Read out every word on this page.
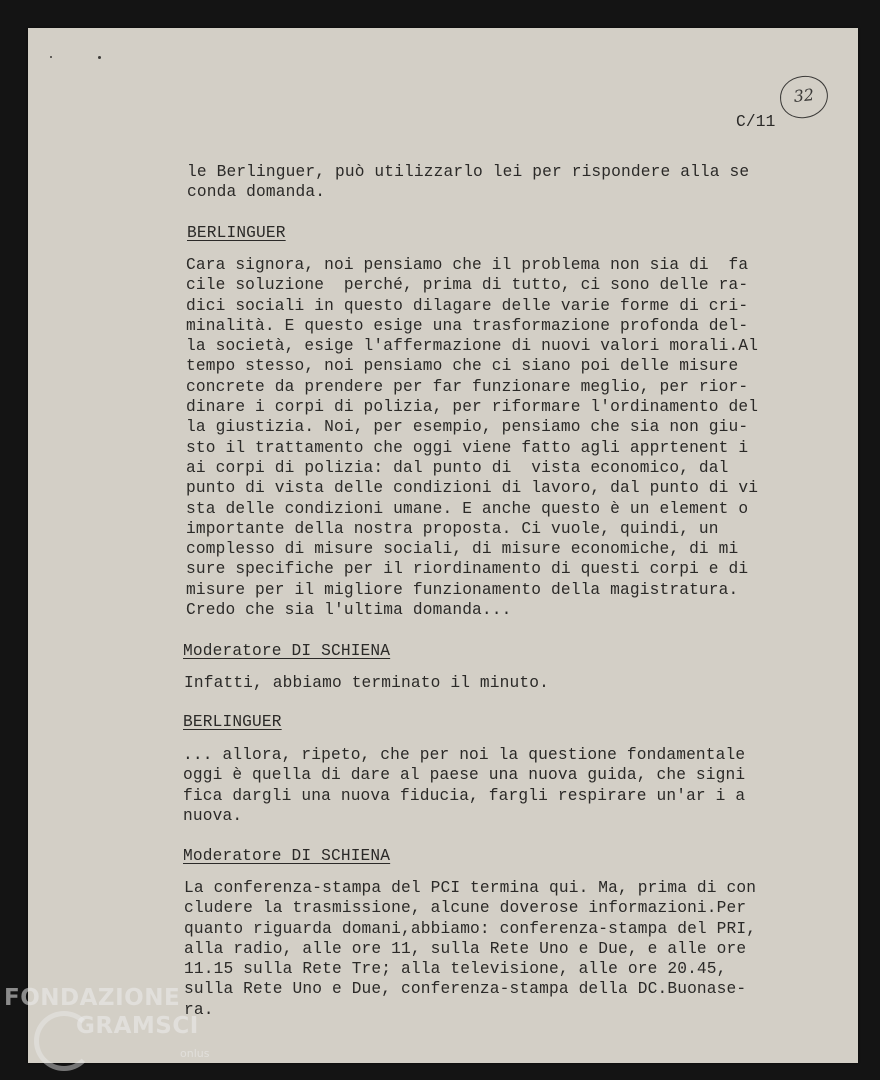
32
C/11
le Berlinguer, può utilizzarlo lei per rispondere alla se
conda domanda.
BERLINGUER
Cara signora, noi pensiamo che il problema non sia di  fa
cile soluzione  perché, prima di tutto, ci sono delle ra-
dici sociali in questo dilagare delle varie forme di cri-
minalità. E questo esige una trasformazione profonda del-
la società, esige l'affermazione di nuovi valori morali.Al
tempo stesso, noi pensiamo che ci siano poi delle misure
concrete da prendere per far funzionare meglio, per rior-
dinare i corpi di polizia, per riformare l'ordinamento del
la giustizia. Noi, per esempio, pensiamo che sia non giu-
sto il trattamento che oggi viene fatto agli apprtenent i
ai corpi di polizia: dal punto di  vista economico, dal
punto di vista delle condizioni di lavoro, dal punto di vi
sta delle condizioni umane. E anche questo è un element o
importante della nostra proposta. Ci vuole, quindi, un
complesso di misure sociali, di misure economiche, di mi
sure specifiche per il riordinamento di questi corpi e di
misure per il migliore funzionamento della magistratura.
Credo che sia l'ultima domanda...
Moderatore DI SCHIENA
Infatti, abbiamo terminato il minuto.
BERLINGUER
... allora, ripeto, che per noi la questione fondamentale
oggi è quella di dare al paese una nuova guida, che signi
fica dargli una nuova fiducia, fargli respirare un'ar i a
nuova.
Moderatore DI SCHIENA
La conferenza-stampa del PCI termina qui. Ma, prima di con
cludere la trasmissione, alcune doverose informazioni.Per
quanto riguarda domani,abbiamo: conferenza-stampa del PRI,
alla radio, alle ore 11, sulla Rete Uno e Due, e alle ore
11.15 sulla Rete Tre; alla televisione, alle ore 20.45,
sulla Rete Uno e Due, conferenza-stampa della DC.Buonase-
ra.
FONDAZIONE
GRAMSCI
onlus
